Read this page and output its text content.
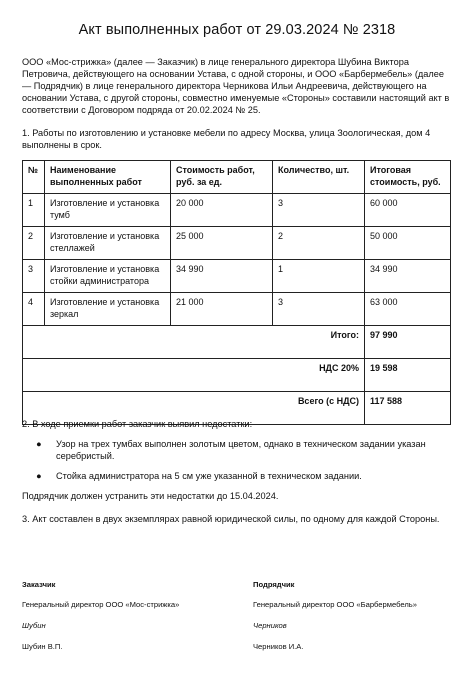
Акт выполненных работ от 29.03.2024 № 2318
ООО «Мос-стрижка» (далее — Заказчик) в лице генерального директора Шубина Виктора Петровича, действующего на основании Устава, с одной стороны, и ООО «Барбермебель» (далее — Подрядчик) в лице генерального директора Черникова Ильи Андреевича, действующего на основании Устава, с другой стороны, совместно именуемые «Стороны» составили настоящий акт в соответствии с Договором подряда от 20.02.2024 № 25.
1. Работы по изготовлению и установке мебели по адресу Москва, улица Зоологическая, дом 4 выполнены в срок.
№	Наименование выполненных работ	Стоимость работ, руб. за ед.	Количество, шт.	Итоговая стоимость, руб.
1	Изготовление и установка тумб	20 000	3	60 000
2	Изготовление и установка стеллажей	25 000	2	50 000
3	Изготовление и установка стойки администратора	34 990	1	34 990
4	Изготовление и установка зеркал	21 000	3	63 000
Итого:				97 990
НДС 20%				19 598
Всего (с НДС)				117 588
2. В ходе приемки работ заказчик выявил недостатки:
● Узор на трех тумбах выполнен золотым цветом, однако в техническом задании указан серебристый.
● Стойка администратора на 5 см уже указанной в техническом задании.
Подрядчик должен устранить эти недостатки до 15.04.2024.
3. Акт составлен в двух экземплярах равной юридической силы, по одному для каждой Стороны.
Заказчик
Генеральный директор ООО «Мос-стрижка»
Шубин
Шубин В.П.
Подрядчик
Генеральный директор ООО «Барбермебель»
Черников
Черников И.А.
